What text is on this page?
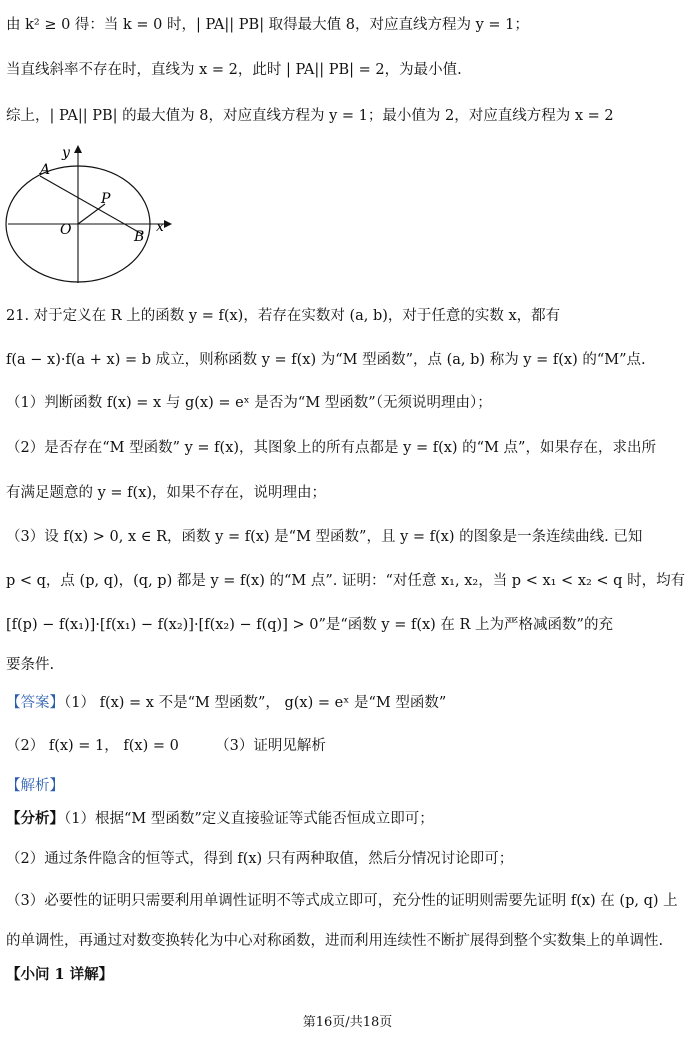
由 k² ≥ 0 得：当 k = 0 时，| PA|| PB| 取得最大值 8，对应直线方程为 y = 1；
当直线斜率不存在时，直线为 x = 2，此时 | PA|| PB| = 2，为最小值.
综上，| PA|| PB| 的最大值为 8，对应直线方程为 y = 1；最小值为 2，对应直线方程为 x = 2
y
x
A
P
O	B
21. 对于定义在 R 上的函数 y = f(x)，若存在实数对 (a, b)，对于任意的实数 x，都有
f(a − x)·f(a + x) = b 成立，则称函数 y = f(x) 为“M 型函数”，点 (a, b) 称为 y = f(x) 的“M”点.
（1）判断函数 f(x) = x 与 g(x) = eˣ 是否为“M 型函数”（无须说明理由）；
（2）是否存在“M 型函数” y = f(x)，其图象上的所有点都是 y = f(x) 的“M 点”，如果存在，求出所
有满足题意的 y = f(x)，如果不存在，说明理由；
（3）设 f(x) > 0, x ∈ R，函数 y = f(x) 是“M 型函数”，且 y = f(x) 的图象是一条连续曲线. 已知
p < q，点 (p, q)，(q, p) 都是 y = f(x) 的“M 点”. 证明：“对任意 x₁, x₂，当 p < x₁ < x₂ < q 时，均有
[f(p) − f(x₁)]·[f(x₁) − f(x₂)]·[f(x₂) − f(q)] > 0”是“函数 y = f(x) 在 R 上为严格减函数”的充
要条件.
【答案】（1） f(x) = x 不是“M 型函数”， g(x) = eˣ 是“M 型函数”
（2） f(x) = 1， f(x) = 0　　　（3）证明见解析
【解析】
【分析】（1）根据“M 型函数”定义直接验证等式能否恒成立即可；
（2）通过条件隐含的恒等式，得到 f(x) 只有两种取值，然后分情况讨论即可；
（3）必要性的证明只需要利用单调性证明不等式成立即可，充分性的证明则需要先证明 f(x) 在 (p, q) 上
的单调性，再通过对数变换转化为中心对称函数，进而利用连续性不断扩展得到整个实数集上的单调性.
【小问 1 详解】
第16页/共18页
